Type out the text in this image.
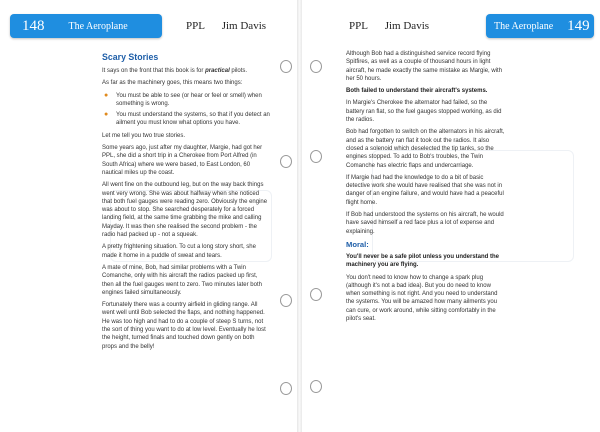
148 The Aeroplane	PPL Jim Davis
Scary Stories

It says on the front that this book is for practical pilots.

As far as the machinery goes, this means two things:

● You must be able to see (or hear or feel or smell) when something is wrong.
● You must understand the systems, so that if you detect an ailment you must know what options you have.

Let me tell you two true stories.

Some years ago, just after my daughter, Margie, had got her PPL, she did a short trip in a Cherokee from Port Alfred (in South Africa) where we were based, to East London, 60 nautical miles up the coast.

All went fine on the outbound leg, but on the way back things went very wrong. She was about halfway when she noticed that both fuel gauges were reading zero. Obviously the engine was about to stop. She searched desperately for a forced landing field, at the same time grabbing the mike and calling Mayday. It was then she realised the second problem - the radio had packed up - not a squeak.

A pretty frightening situation. To cut a long story short, she made it home in a puddle of sweat and tears.

A mate of mine, Bob, had similar problems with a Twin Comanche, only with his aircraft the radios packed up first, then all the fuel gauges went to zero. Two minutes later both engines failed simultaneously.

Fortunately there was a country airfield in gliding range. All went well until Bob selected the flaps, and nothing happened. He was too high and had to do a couple of steep S turns, not the sort of thing you want to do at low level. Eventually he lost the height, turned finals and touched down gently on both props and the belly!

PPL Jim Davis	The Aeroplane 149

Although Bob had a distinguished service record flying Spitfires, as well as a couple of thousand hours in light aircraft, he made exactly the same mistake as Margie, with her 50 hours.

Both failed to understand their aircraft's systems.

In Margie's Cherokee the alternator had failed, so the battery ran flat, so the fuel gauges stopped working, as did the radios.

Bob had forgotten to switch on the alternators in his aircraft, and as the battery ran flat it took out the radios. It also closed a solenoid which deselected the tip tanks, so the engines stopped. To add to Bob's troubles, the Twin Comanche has electric flaps and undercarriage.

If Margie had had the knowledge to do a bit of basic detective work she would have realised that she was not in danger of an engine failure, and would have had a peaceful flight home.

If Bob had understood the systems on his aircraft, he would have saved himself a red face plus a lot of expense and explaining.

Moral:

You'll never be a safe pilot unless you understand the machinery you are flying.

You don't need to know how to change a spark plug (although it's not a bad idea). But you do need to know when something is not right. And you need to understand the systems. You will be amazed how many ailments you can cure, or work around, while sitting comfortably in the pilot's seat.
